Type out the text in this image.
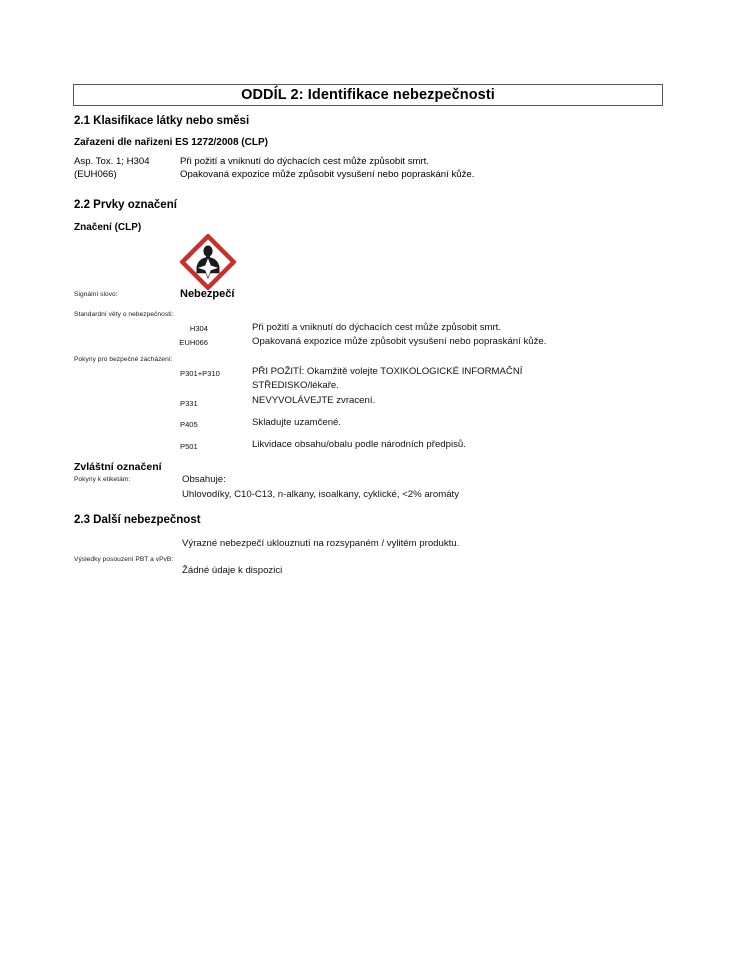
ODDÍL 2: Identifikace nebezpečnosti
2.1 Klasifikace látky nebo směsi
Zařazeni dle nařizeni ES 1272/2008 (CLP)
Asp. Tox. 1; H304	Při požití a vniknutí do dýchacích cest může způsobit smrt.
(EUH066)	Opakovaná expozice může způsobit vysušení nebo popraskání kůže.
2.2 Prvky označení
Značení (CLP)
Signální slovo:	Nebezpečí
Standardní věty o nebezpečnosti:
H304	Při požití a vniknutí do dýchacích cest může způsobit smrt.
EUH066	Opakovaná expozice může způsobit vysušení nebo popraskání kůže.
Pokyny pro bezpečné zacházení:
P301+P310	PŘI POŽITÍ: Okamžitě volejte TOXIKOLOGICKÉ INFORMAČNÍ
STŘEDISKO/lékaře.
P331	NEVYVOLÁVEJTE zvracení.
P405	Skladujte uzamčené.
P501	Likvidace obsahu/obalu podle národních předpisů.
Zvláštní označení
Pokyny k etiketám:	Obsahuje:
Uhlovodíky, C10-C13, n-alkany, isoalkany, cyklické, <2% aromáty
2.3 Další nebezpečnost
Výrazné nebezpečí uklouznutí na rozsypaném / vylitém produktu.
Výsledky posouzení PBT a vPvB:
Žádné údaje k dispozici
